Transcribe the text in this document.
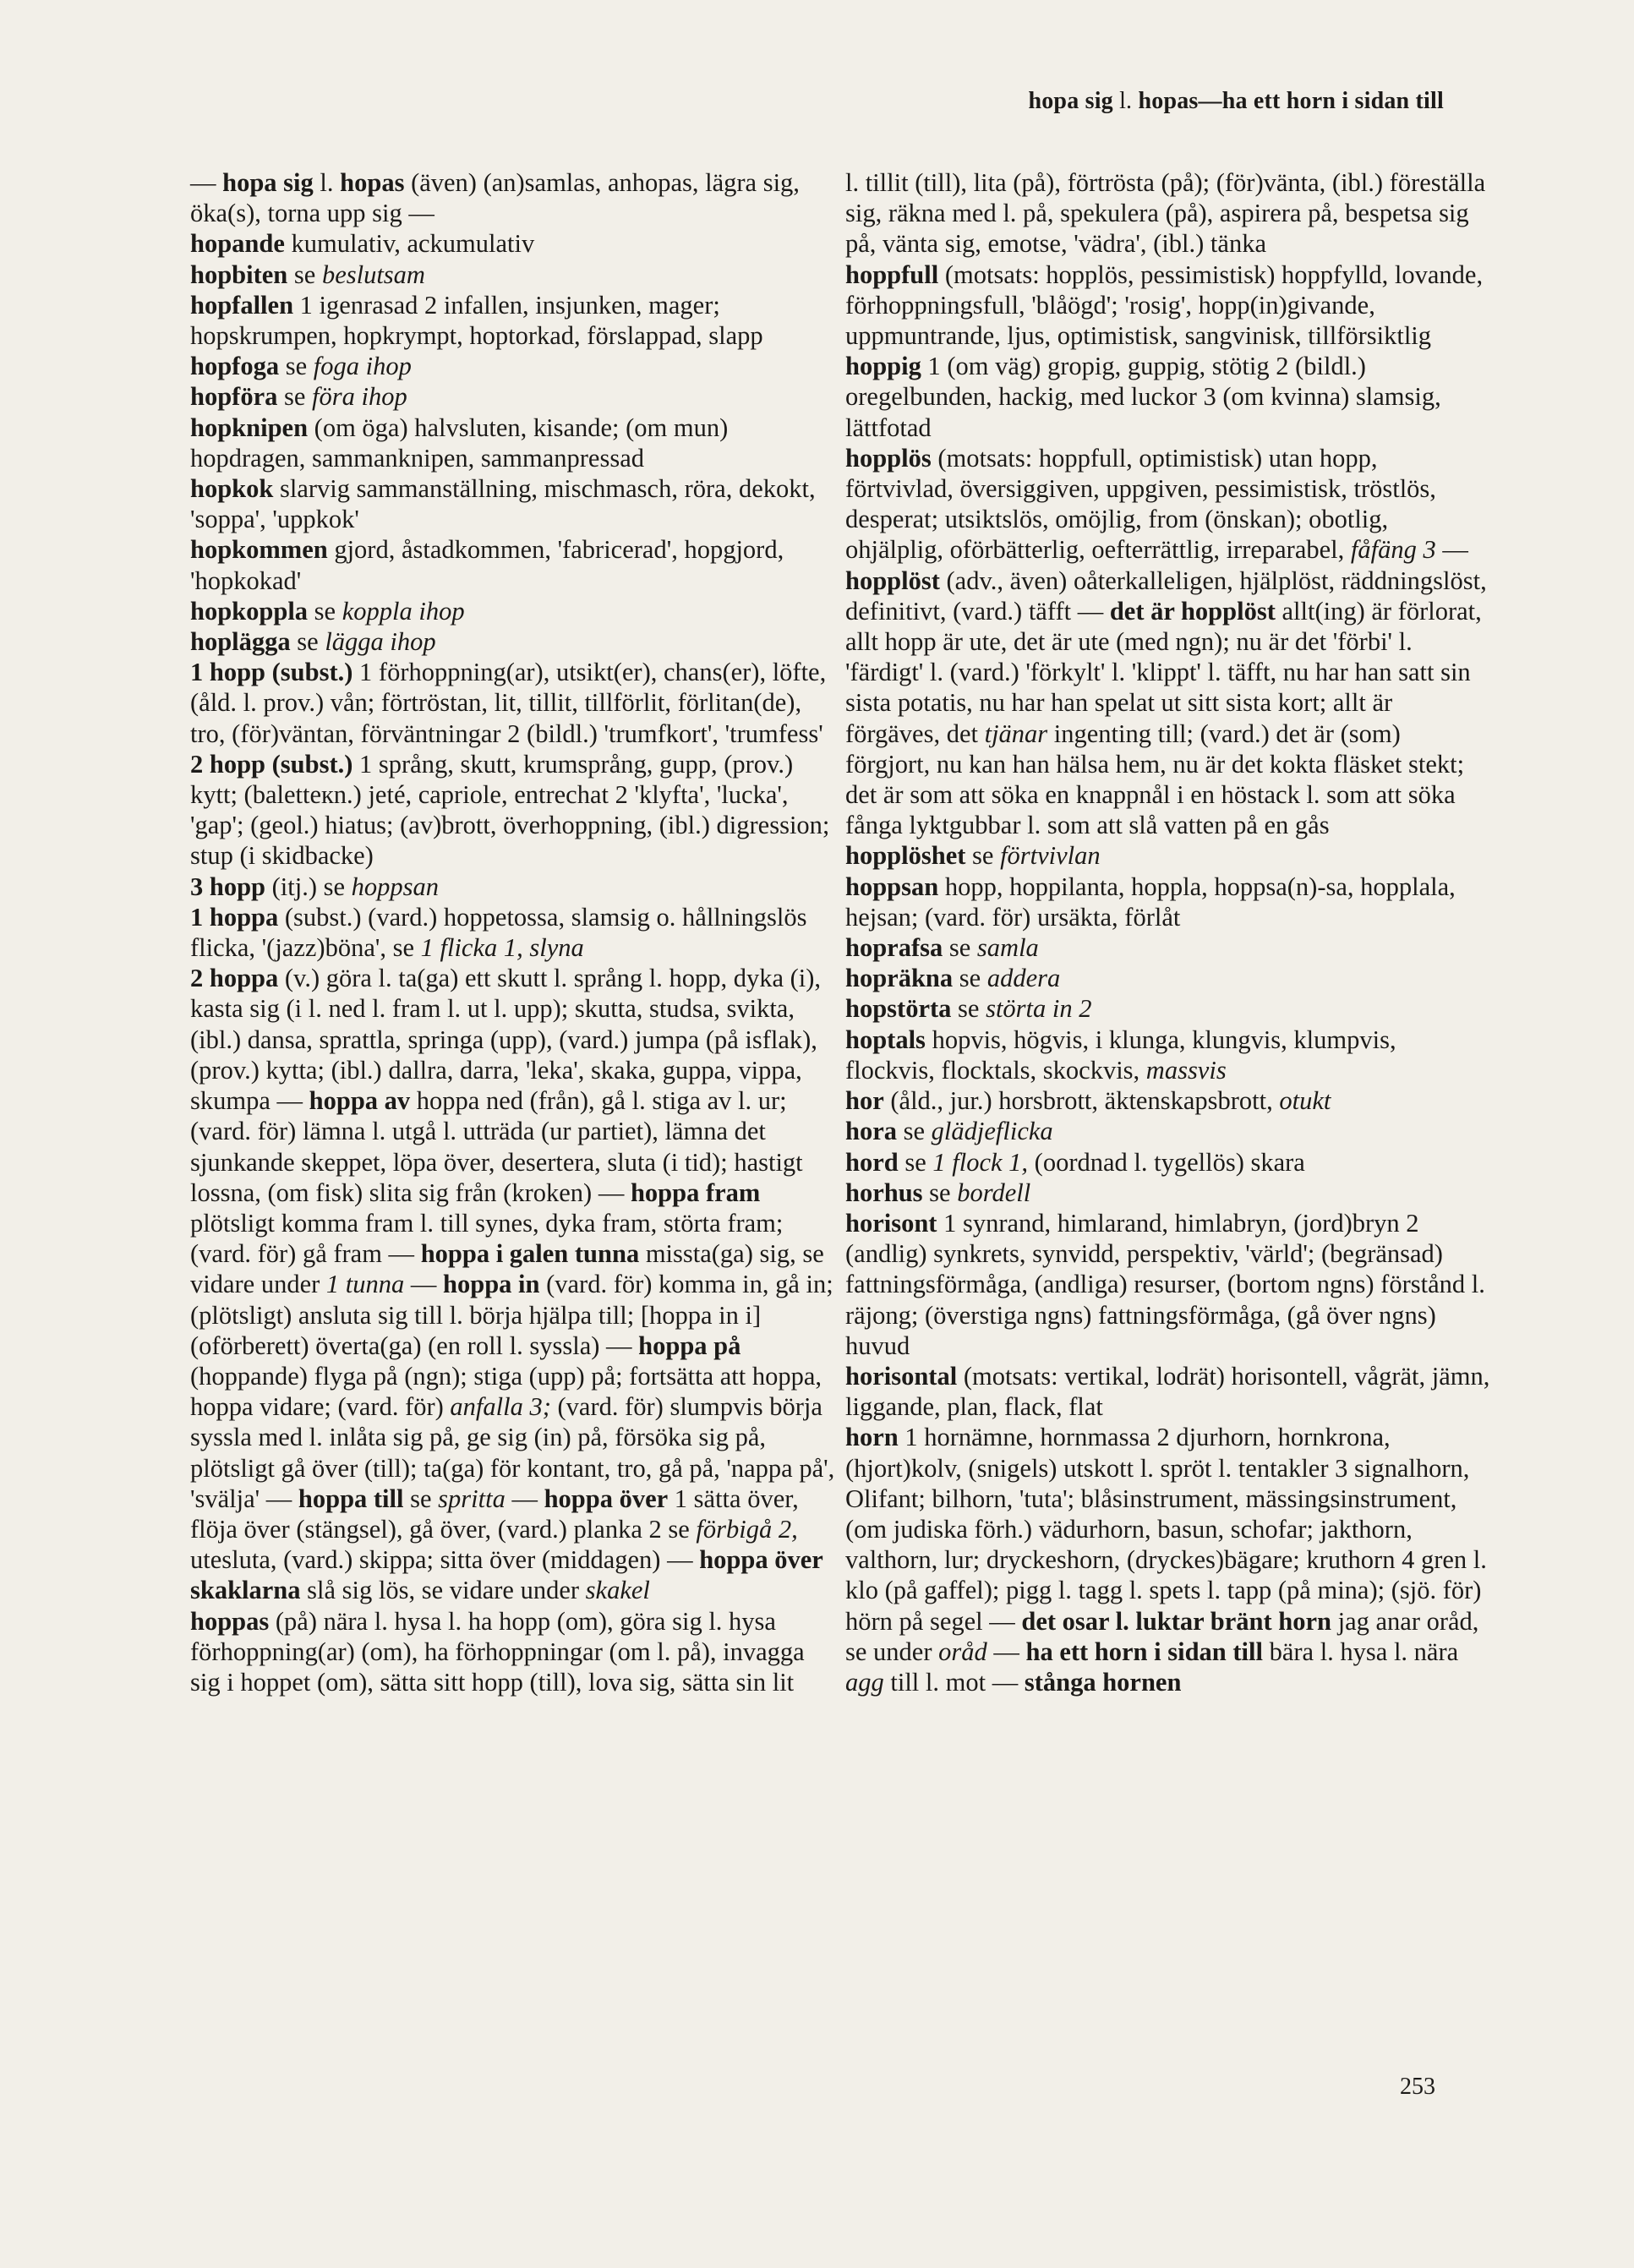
hopa sig l. hopas—ha ett horn i sidan till

— hopa sig l. hopas (även) (an)samlas, anhopas, lägra sig, öka(s), torna upp sig —

hopande kumulativ, ackumulativ

hopbiten se beslutsam

hopfallen 1 igenrasad 2 infallen, insjunken, mager; hopskrumpen, hopkrympt, hoptorkad, förslappad, slapp

hopfoga se foga ihop

hopföra se föra ihop

hopknipen (om öga) halvsluten, kisande; (om mun) hopdragen, sammanknipen, sammanpressad

hopkok slarvig sammanställning, mischmasch, röra, dekokt, 'soppa', 'uppkok'

hopkommen gjord, åstadkommen, 'fabricerad', hopgjord, 'hopkokad'

hopkoppla se koppla ihop

hoplägga se lägga ihop

1 hopp (subst.) 1 förhoppning(ar), utsikt(er), chans(er), löfte, (åld. l. prov.) vån; förtröstan, lit, tillit, tillförlit, förlitan(de), tro, (för)väntan, förväntningar 2 (bildl.) 'trumfkort', 'trumfess'

2 hopp (subst.) 1 språng, skutt, krumsprång, gupp, (prov.) kytt; (baletteкn.) jeté, capriole, entrechat 2 'klyfta', 'lucka', 'gap'; (geol.) hiatus; (av)brott, överhoppning, (ibl.) digression; stup (i skidbacke)

3 hopp (itj.) se hoppsan

1 hoppa (subst.) (vard.) hoppetossa, slamsig o. hållningslös flicka, '(jazz)böna', se 1 flicka 1, slyna

2 hoppa (v.) göra l. ta(ga) ett skutt l. språng l. hopp, dyka (i), kasta sig (i l. ned l. fram l. ut l. upp); skutta, studsa, svikta, (ibl.) dansa, sprattla, springa (upp), (vard.) jumpa (på isflak), (prov.) kytta; (ibl.) dallra, darra, 'leka', skaka, guppa, vippa, skumpa — hoppa av hoppa ned (från), gå l. stiga av l. ur; (vard. för) lämna l. utgå l. utträda (ur partiet), lämna det sjunkande skeppet, löpa över, desertera, sluta (i tid); hastigt lossna, (om fisk) slita sig från (kroken) — hoppa fram plötsligt komma fram l. till synes, dyka fram, störta fram; (vard. för) gå fram — hoppa i galen tunna missta(ga) sig, se vidare under 1 tunna — hoppa in (vard. för) komma in, gå in; (plötsligt) ansluta sig till l. börja hjälpa till; [hoppa in i] (oförberett) överta(ga) (en roll l. syssla) — hoppa på (hoppande) flyga på (ngn); stiga (upp) på; fortsätta att hoppa, hoppa vidare; (vard. för) anfalla 3; (vard. för) slumpvis börja syssla med l. inlåta sig på, ge sig (in) på, försöka sig på, plötsligt gå över (till); ta(ga) för kontant, tro, gå på, 'nappa på', 'svälja' — hoppa till se spritta — hoppa över 1 sätta över, flöja över (stängsel), gå över, (vard.) planka 2 se förbigå 2, utesluta, (vard.) skippa; sitta över (middagen) — hoppa över skaklarna slå sig lös, se vidare under skakel

hoppas (på) nära l. hysa l. ha hopp (om), göra sig l. hysa förhoppning(ar) (om), ha förhoppningar (om l. på), invagga sig i hoppet (om), sätta sitt hopp (till), lova sig, sätta sin lit

l. tillit (till), lita (på), förtrösta (på); (för)vänta, (ibl.) föreställa sig, räkna med l. på, spekulera (på), aspirera på, bespetsa sig på, vänta sig, emotse, 'vädra', (ibl.) tänka

hoppfull (motsats: hopplös, pessimistisk) hoppfylld, lovande, förhoppningsfull, 'blåögd'; 'rosig', hopp(in)givande, uppmuntrande, ljus, optimistisk, sangvinisk, tillförsiktlig

hoppig 1 (om väg) gropig, guppig, stötig 2 (bildl.) oregelbunden, hackig, med luckor 3 (om kvinna) slamsig, lättfotad

hopplös (motsats: hoppfull, optimistisk) utan hopp, förtvivlad, översiggiven, uppgiven, pessimistisk, tröstlös, desperat; utsiktslös, omöjlig, from (önskan); obotlig, ohjälplig, oförbätterlig, oefterrättlig, irreparabel, fåfäng 3 — hopplöst (adv., även) oåterkalleligen, hjälplöst, räddningslöst, definitivt, (vard.) täfft — det är hopplöst allt(ing) är förlorat, allt hopp är ute, det är ute (med ngn); nu är det 'förbi' l. 'färdigt' l. (vard.) 'förkylt' l. 'klippt' l. täfft, nu har han satt sin sista potatis, nu har han spelat ut sitt sista kort; allt är förgäves, det tjänar ingenting till; (vard.) det är (som) förgjort, nu kan han hälsa hem, nu är det kokta fläsket stekt; det är som att söka en knappnål i en höstack l. som att söka fånga lyktgubbar l. som att slå vatten på en gås

hopplöshet se förtvivlan

hoppsan hopp, hoppilanta, hoppla, hoppsa(n)-sa, hopplala, hejsan; (vard. för) ursäkta, förlåt

hoprafsa se samla

hopräkna se addera

hopstörta se störta in 2

hoptals hopvis, högvis, i klunga, klungvis, klumpvis, flockvis, flocktals, skockvis, massvis

hor (åld., jur.) horsbrott, äktenskapsbrott, otukt

hora se glädjeflicka

hord se 1 flock 1, (oordnad l. tygellös) skara

horhus se bordell

horisont 1 synrand, himlarand, himlabryn, (jord)bryn 2 (andlig) synkrets, synvidd, perspektiv, 'värld'; (begränsad) fattningsförmåga, (andliga) resurser, (bortom ngns) förstånd l. räjong; (överstiga ngns) fattningsförmåga, (gå över ngns) huvud

horisontal (motsats: vertikal, lodrät) horisontell, vågrät, jämn, liggande, plan, flack, flat

horn 1 hornämne, hornmassa 2 djurhorn, hornkrona, (hjort)kolv, (snigels) utskott l. spröt l. tentakler 3 signalhorn, Olifant; bilhorn, 'tuta'; blåsinstrument, mässingsinstrument, (om judiska förh.) vädurhorn, basun, schofar; jakthorn, valthorn, lur; dryckeshorn, (dryckes)bägare; kruthorn 4 gren l. klo (på gaffel); pigg l. tagg l. spets l. tapp (på mina); (sjö. för) hörn på segel — det osar l. luktar bränt horn jag anar oråd, se under oråd — ha ett horn i sidan till bära l. hysa l. nära agg till l. mot — stånga hornen

253
